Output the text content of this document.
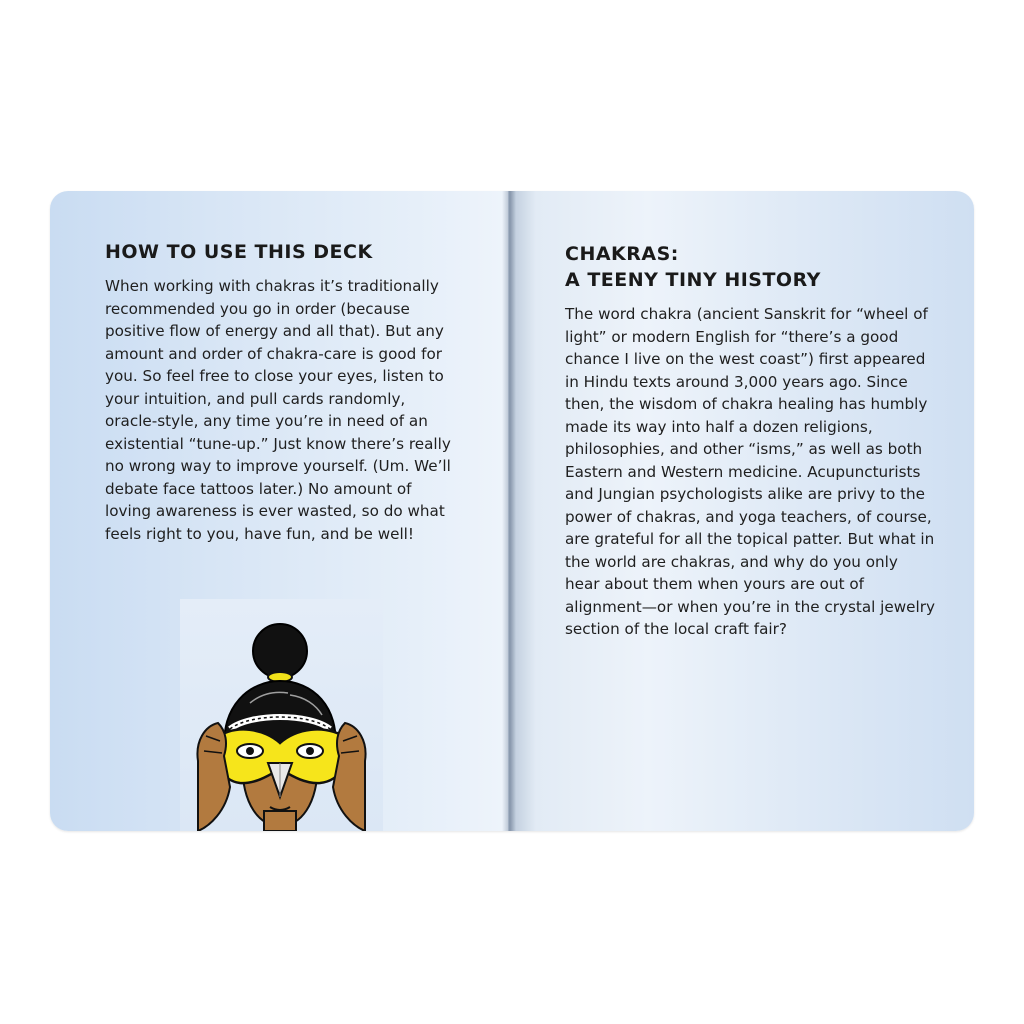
HOW TO USE THIS DECK

When working with chakras it’s traditionally recommended you go in order (because positive flow of energy and all that). But any amount and order of chakra-care is good for you. So feel free to close your eyes, listen to your intuition, and pull cards randomly, oracle-style, any time you’re in need of an existential “tune-up.” Just know there’s really no wrong way to improve yourself. (Um. We’ll debate face tattoos later.) No amount of loving awareness is ever wasted, so do what feels right to you, have fun, and be well!

CHAKRAS:
A TEENY TINY HISTORY

The word chakra (ancient Sanskrit for “wheel of light” or modern English for “there’s a good chance I live on the west coast”) first appeared in Hindu texts around 3,000 years ago. Since then, the wisdom of chakra healing has humbly made its way into half a dozen religions, philosophies, and other “isms,” as well as both Eastern and Western medicine. Acupuncturists and Jungian psychologists alike are privy to the power of chakras, and yoga teachers, of course, are grateful for all the topical patter. But what in the world are chakras, and why do you only hear about them when yours are out of alignment—or when you’re in the crystal jewelry section of the local craft fair?
